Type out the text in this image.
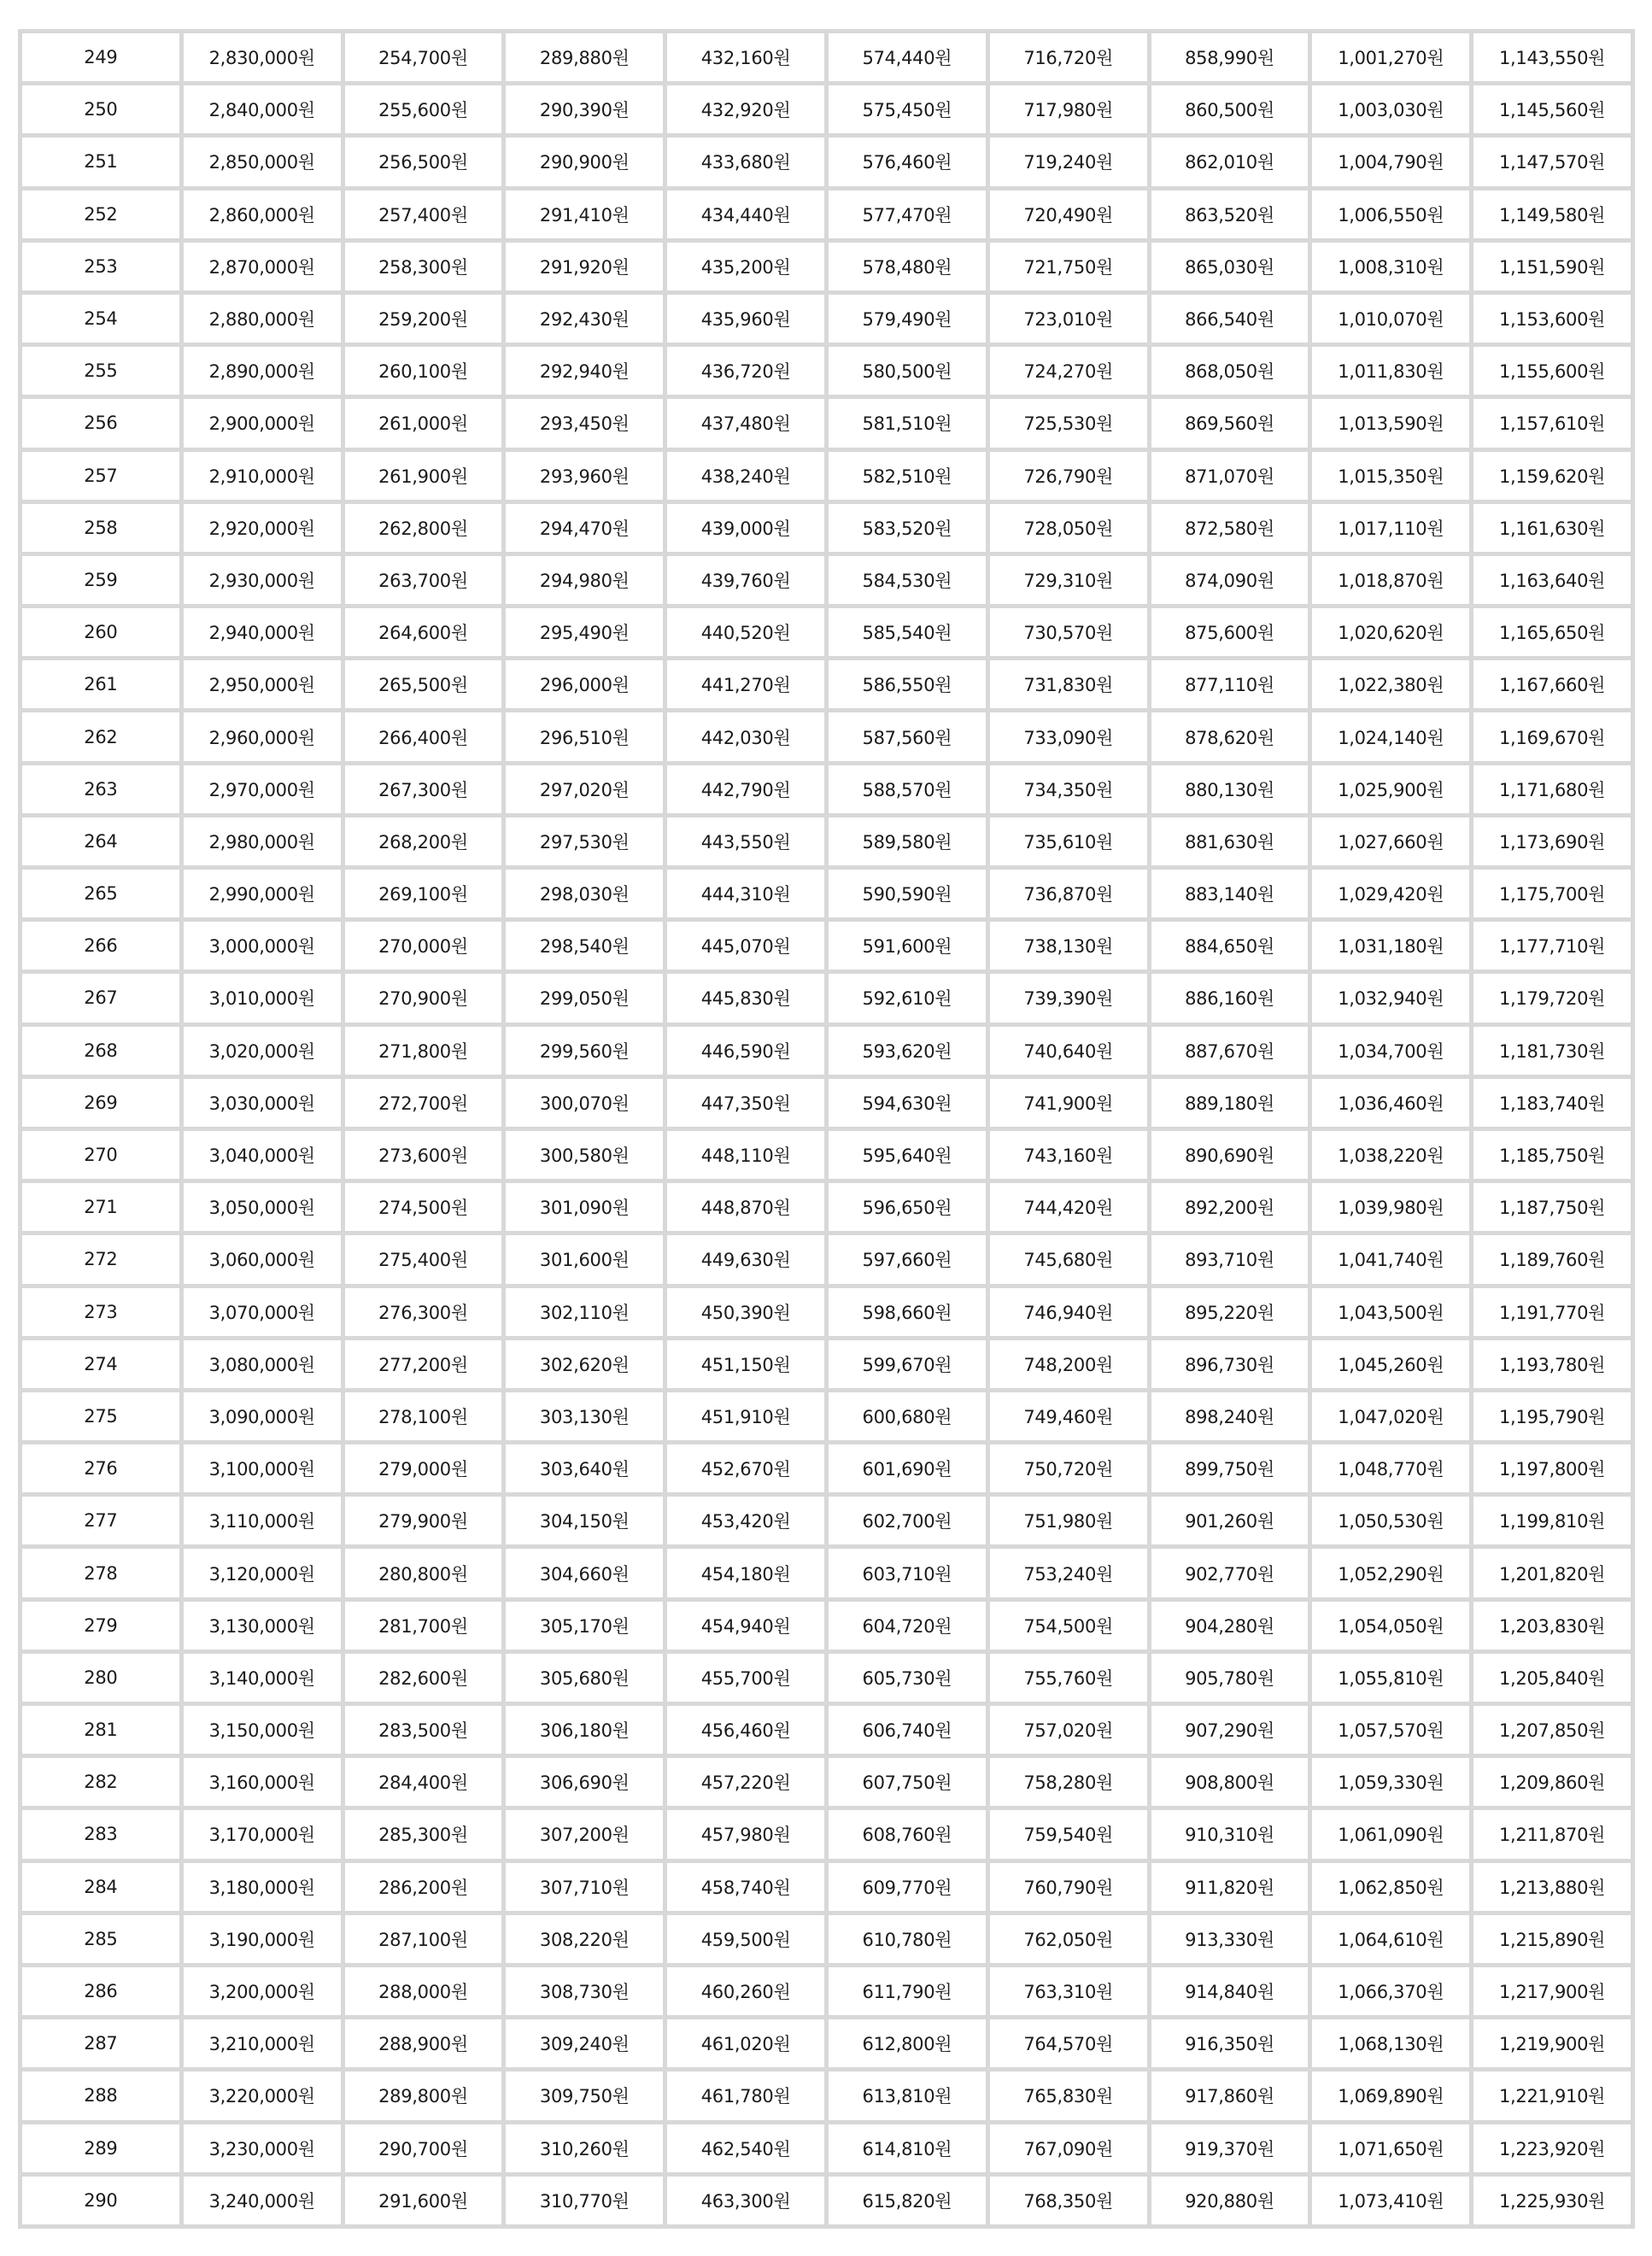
249	2,830,000원	254,700원	289,880원	432,160원	574,440원	716,720원	858,990원	1,001,270원	1,143,550원
250	2,840,000원	255,600원	290,390원	432,920원	575,450원	717,980원	860,500원	1,003,030원	1,145,560원
251	2,850,000원	256,500원	290,900원	433,680원	576,460원	719,240원	862,010원	1,004,790원	1,147,570원
252	2,860,000원	257,400원	291,410원	434,440원	577,470원	720,490원	863,520원	1,006,550원	1,149,580원
253	2,870,000원	258,300원	291,920원	435,200원	578,480원	721,750원	865,030원	1,008,310원	1,151,590원
254	2,880,000원	259,200원	292,430원	435,960원	579,490원	723,010원	866,540원	1,010,070원	1,153,600원
255	2,890,000원	260,100원	292,940원	436,720원	580,500원	724,270원	868,050원	1,011,830원	1,155,600원
256	2,900,000원	261,000원	293,450원	437,480원	581,510원	725,530원	869,560원	1,013,590원	1,157,610원
257	2,910,000원	261,900원	293,960원	438,240원	582,510원	726,790원	871,070원	1,015,350원	1,159,620원
258	2,920,000원	262,800원	294,470원	439,000원	583,520원	728,050원	872,580원	1,017,110원	1,161,630원
259	2,930,000원	263,700원	294,980원	439,760원	584,530원	729,310원	874,090원	1,018,870원	1,163,640원
260	2,940,000원	264,600원	295,490원	440,520원	585,540원	730,570원	875,600원	1,020,620원	1,165,650원
261	2,950,000원	265,500원	296,000원	441,270원	586,550원	731,830원	877,110원	1,022,380원	1,167,660원
262	2,960,000원	266,400원	296,510원	442,030원	587,560원	733,090원	878,620원	1,024,140원	1,169,670원
263	2,970,000원	267,300원	297,020원	442,790원	588,570원	734,350원	880,130원	1,025,900원	1,171,680원
264	2,980,000원	268,200원	297,530원	443,550원	589,580원	735,610원	881,630원	1,027,660원	1,173,690원
265	2,990,000원	269,100원	298,030원	444,310원	590,590원	736,870원	883,140원	1,029,420원	1,175,700원
266	3,000,000원	270,000원	298,540원	445,070원	591,600원	738,130원	884,650원	1,031,180원	1,177,710원
267	3,010,000원	270,900원	299,050원	445,830원	592,610원	739,390원	886,160원	1,032,940원	1,179,720원
268	3,020,000원	271,800원	299,560원	446,590원	593,620원	740,640원	887,670원	1,034,700원	1,181,730원
269	3,030,000원	272,700원	300,070원	447,350원	594,630원	741,900원	889,180원	1,036,460원	1,183,740원
270	3,040,000원	273,600원	300,580원	448,110원	595,640원	743,160원	890,690원	1,038,220원	1,185,750원
271	3,050,000원	274,500원	301,090원	448,870원	596,650원	744,420원	892,200원	1,039,980원	1,187,750원
272	3,060,000원	275,400원	301,600원	449,630원	597,660원	745,680원	893,710원	1,041,740원	1,189,760원
273	3,070,000원	276,300원	302,110원	450,390원	598,660원	746,940원	895,220원	1,043,500원	1,191,770원
274	3,080,000원	277,200원	302,620원	451,150원	599,670원	748,200원	896,730원	1,045,260원	1,193,780원
275	3,090,000원	278,100원	303,130원	451,910원	600,680원	749,460원	898,240원	1,047,020원	1,195,790원
276	3,100,000원	279,000원	303,640원	452,670원	601,690원	750,720원	899,750원	1,048,770원	1,197,800원
277	3,110,000원	279,900원	304,150원	453,420원	602,700원	751,980원	901,260원	1,050,530원	1,199,810원
278	3,120,000원	280,800원	304,660원	454,180원	603,710원	753,240원	902,770원	1,052,290원	1,201,820원
279	3,130,000원	281,700원	305,170원	454,940원	604,720원	754,500원	904,280원	1,054,050원	1,203,830원
280	3,140,000원	282,600원	305,680원	455,700원	605,730원	755,760원	905,780원	1,055,810원	1,205,840원
281	3,150,000원	283,500원	306,180원	456,460원	606,740원	757,020원	907,290원	1,057,570원	1,207,850원
282	3,160,000원	284,400원	306,690원	457,220원	607,750원	758,280원	908,800원	1,059,330원	1,209,860원
283	3,170,000원	285,300원	307,200원	457,980원	608,760원	759,540원	910,310원	1,061,090원	1,211,870원
284	3,180,000원	286,200원	307,710원	458,740원	609,770원	760,790원	911,820원	1,062,850원	1,213,880원
285	3,190,000원	287,100원	308,220원	459,500원	610,780원	762,050원	913,330원	1,064,610원	1,215,890원
286	3,200,000원	288,000원	308,730원	460,260원	611,790원	763,310원	914,840원	1,066,370원	1,217,900원
287	3,210,000원	288,900원	309,240원	461,020원	612,800원	764,570원	916,350원	1,068,130원	1,219,900원
288	3,220,000원	289,800원	309,750원	461,780원	613,810원	765,830원	917,860원	1,069,890원	1,221,910원
289	3,230,000원	290,700원	310,260원	462,540원	614,810원	767,090원	919,370원	1,071,650원	1,223,920원
290	3,240,000원	291,600원	310,770원	463,300원	615,820원	768,350원	920,880원	1,073,410원	1,225,930원
